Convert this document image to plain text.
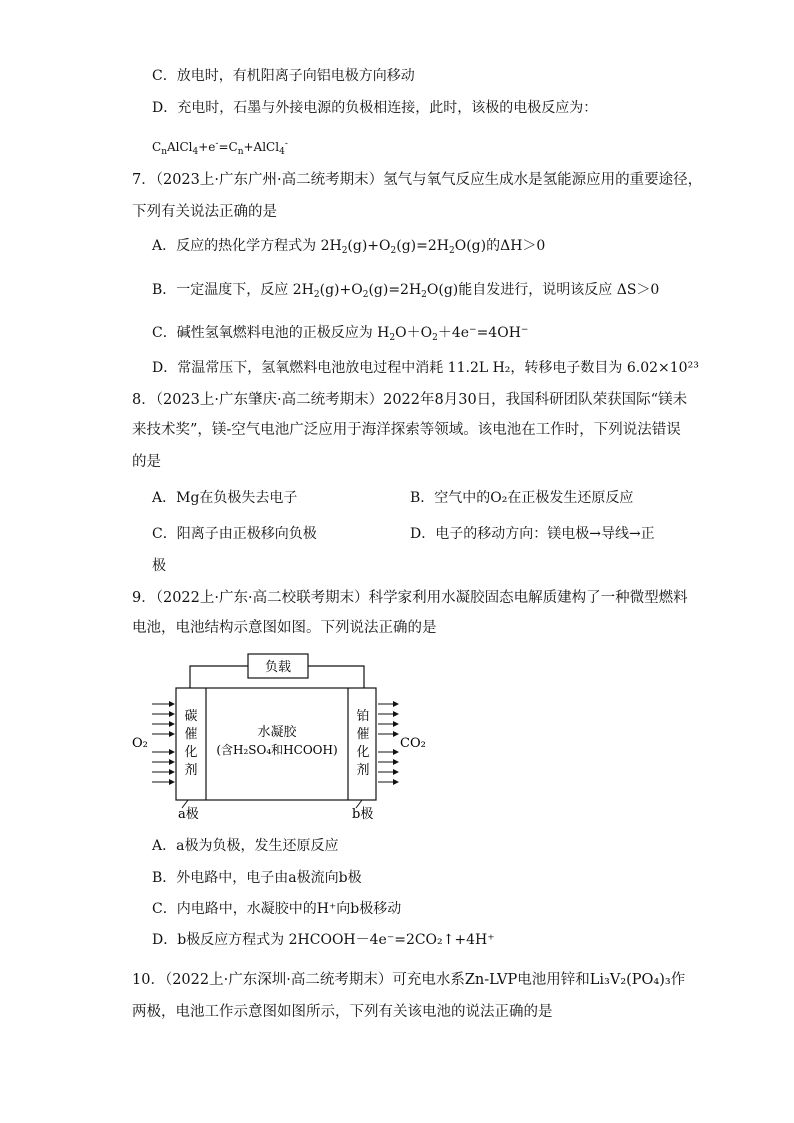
C．放电时，有机阳离子向铝电极方向移动
D．充电时，石墨与外接电源的负极相连接，此时，该极的电极反应为：
$C_nAlCl_4+e^-=C_n+AlCl_4^-$
7．（2023上·广东广州·高二统考期末）氢气与氧气反应生成水是氢能源应用的重要途径，
下列有关说法正确的是
A．反应的热化学方程式为 $2H_2(g)+O_2(g)=2H_2O(g)$的ΔH＞0
B．一定温度下，反应 $2H_2(g)+O_2(g)=2H_2O(g)$能自发进行，说明该反应 ΔS＞0
C．碱性氢氧燃料电池的正极反应为 $H_2O+O_2+4e^-=4OH^-$
D．常温常压下，氢氧燃料电池放电过程中消耗 11.2L H₂，转移电子数目为 6.02×10²³
8．（2023上·广东肇庆·高二统考期末）2022年8月30日，我国科研团队荣获国际“镁未
来技术奖”，镁-空气电池广泛应用于海洋探索等领域。该电池在工作时，下列说法错误
的是
A．Mg在负极失去电子	B．空气中的O₂在正极发生还原反应
C．阳离子由正极移向负极	D．电子的移动方向：镁电极→导线→正
极
9．（2022上·广东·高二校联考期末）科学家利用水凝胶固态电解质建构了一种微型燃料
电池，电池结构示意图如图。下列说法正确的是
负载
碳
催
化
剂
铂
催
化
剂
水凝胶
(含H₂SO₄和HCOOH)
O₂	CO₂
a极	b极
A．a极为负极，发生还原反应
B．外电路中，电子由a极流向b极
C．内电路中，水凝胶中的H⁺向b极移动
D．b极反应方程式为 2HCOOH－4e⁻=2CO₂↑+4H⁺
10．（2022上·广东深圳·高二统考期末）可充电水系Zn-LVP电池用锌和Li₃V₂(PO₄)₃作
两极，电池工作示意图如图所示，下列有关该电池的说法正确的是
